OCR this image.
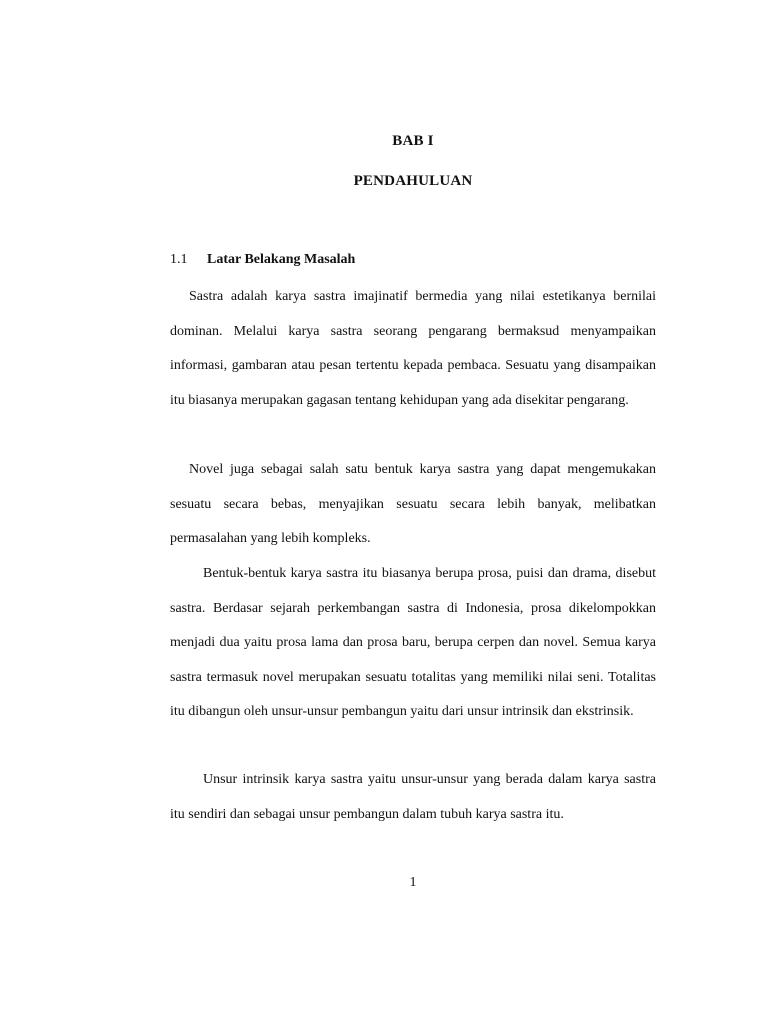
BAB I
PENDAHULUAN
1.1 Latar Belakang Masalah

Sastra adalah karya sastra imajinatif bermedia yang nilai estetikanya bernilai dominan. Melalui karya sastra seorang pengarang bermaksud menyampaikan informasi, gambaran atau pesan tertentu kepada pembaca. Sesuatu yang disampaikan itu biasanya merupakan gagasan tentang kehidupan yang ada disekitar pengarang.

Novel juga sebagai salah satu bentuk karya sastra yang dapat mengemukakan sesuatu secara bebas, menyajikan sesuatu secara lebih banyak, melibatkan permasalahan yang lebih kompleks.

Bentuk-bentuk karya sastra itu biasanya berupa prosa, puisi dan drama, disebut sastra. Berdasar sejarah perkembangan sastra di Indonesia, prosa dikelompokkan menjadi dua yaitu prosa lama dan prosa baru, berupa cerpen dan novel. Semua karya sastra termasuk novel merupakan sesuatu totalitas yang memiliki nilai seni. Totalitas itu dibangun oleh unsur-unsur pembangun yaitu dari unsur intrinsik dan ekstrinsik.

Unsur intrinsik karya sastra yaitu unsur-unsur yang berada dalam karya sastra itu sendiri dan sebagai unsur pembangun dalam tubuh karya sastra itu.

1
